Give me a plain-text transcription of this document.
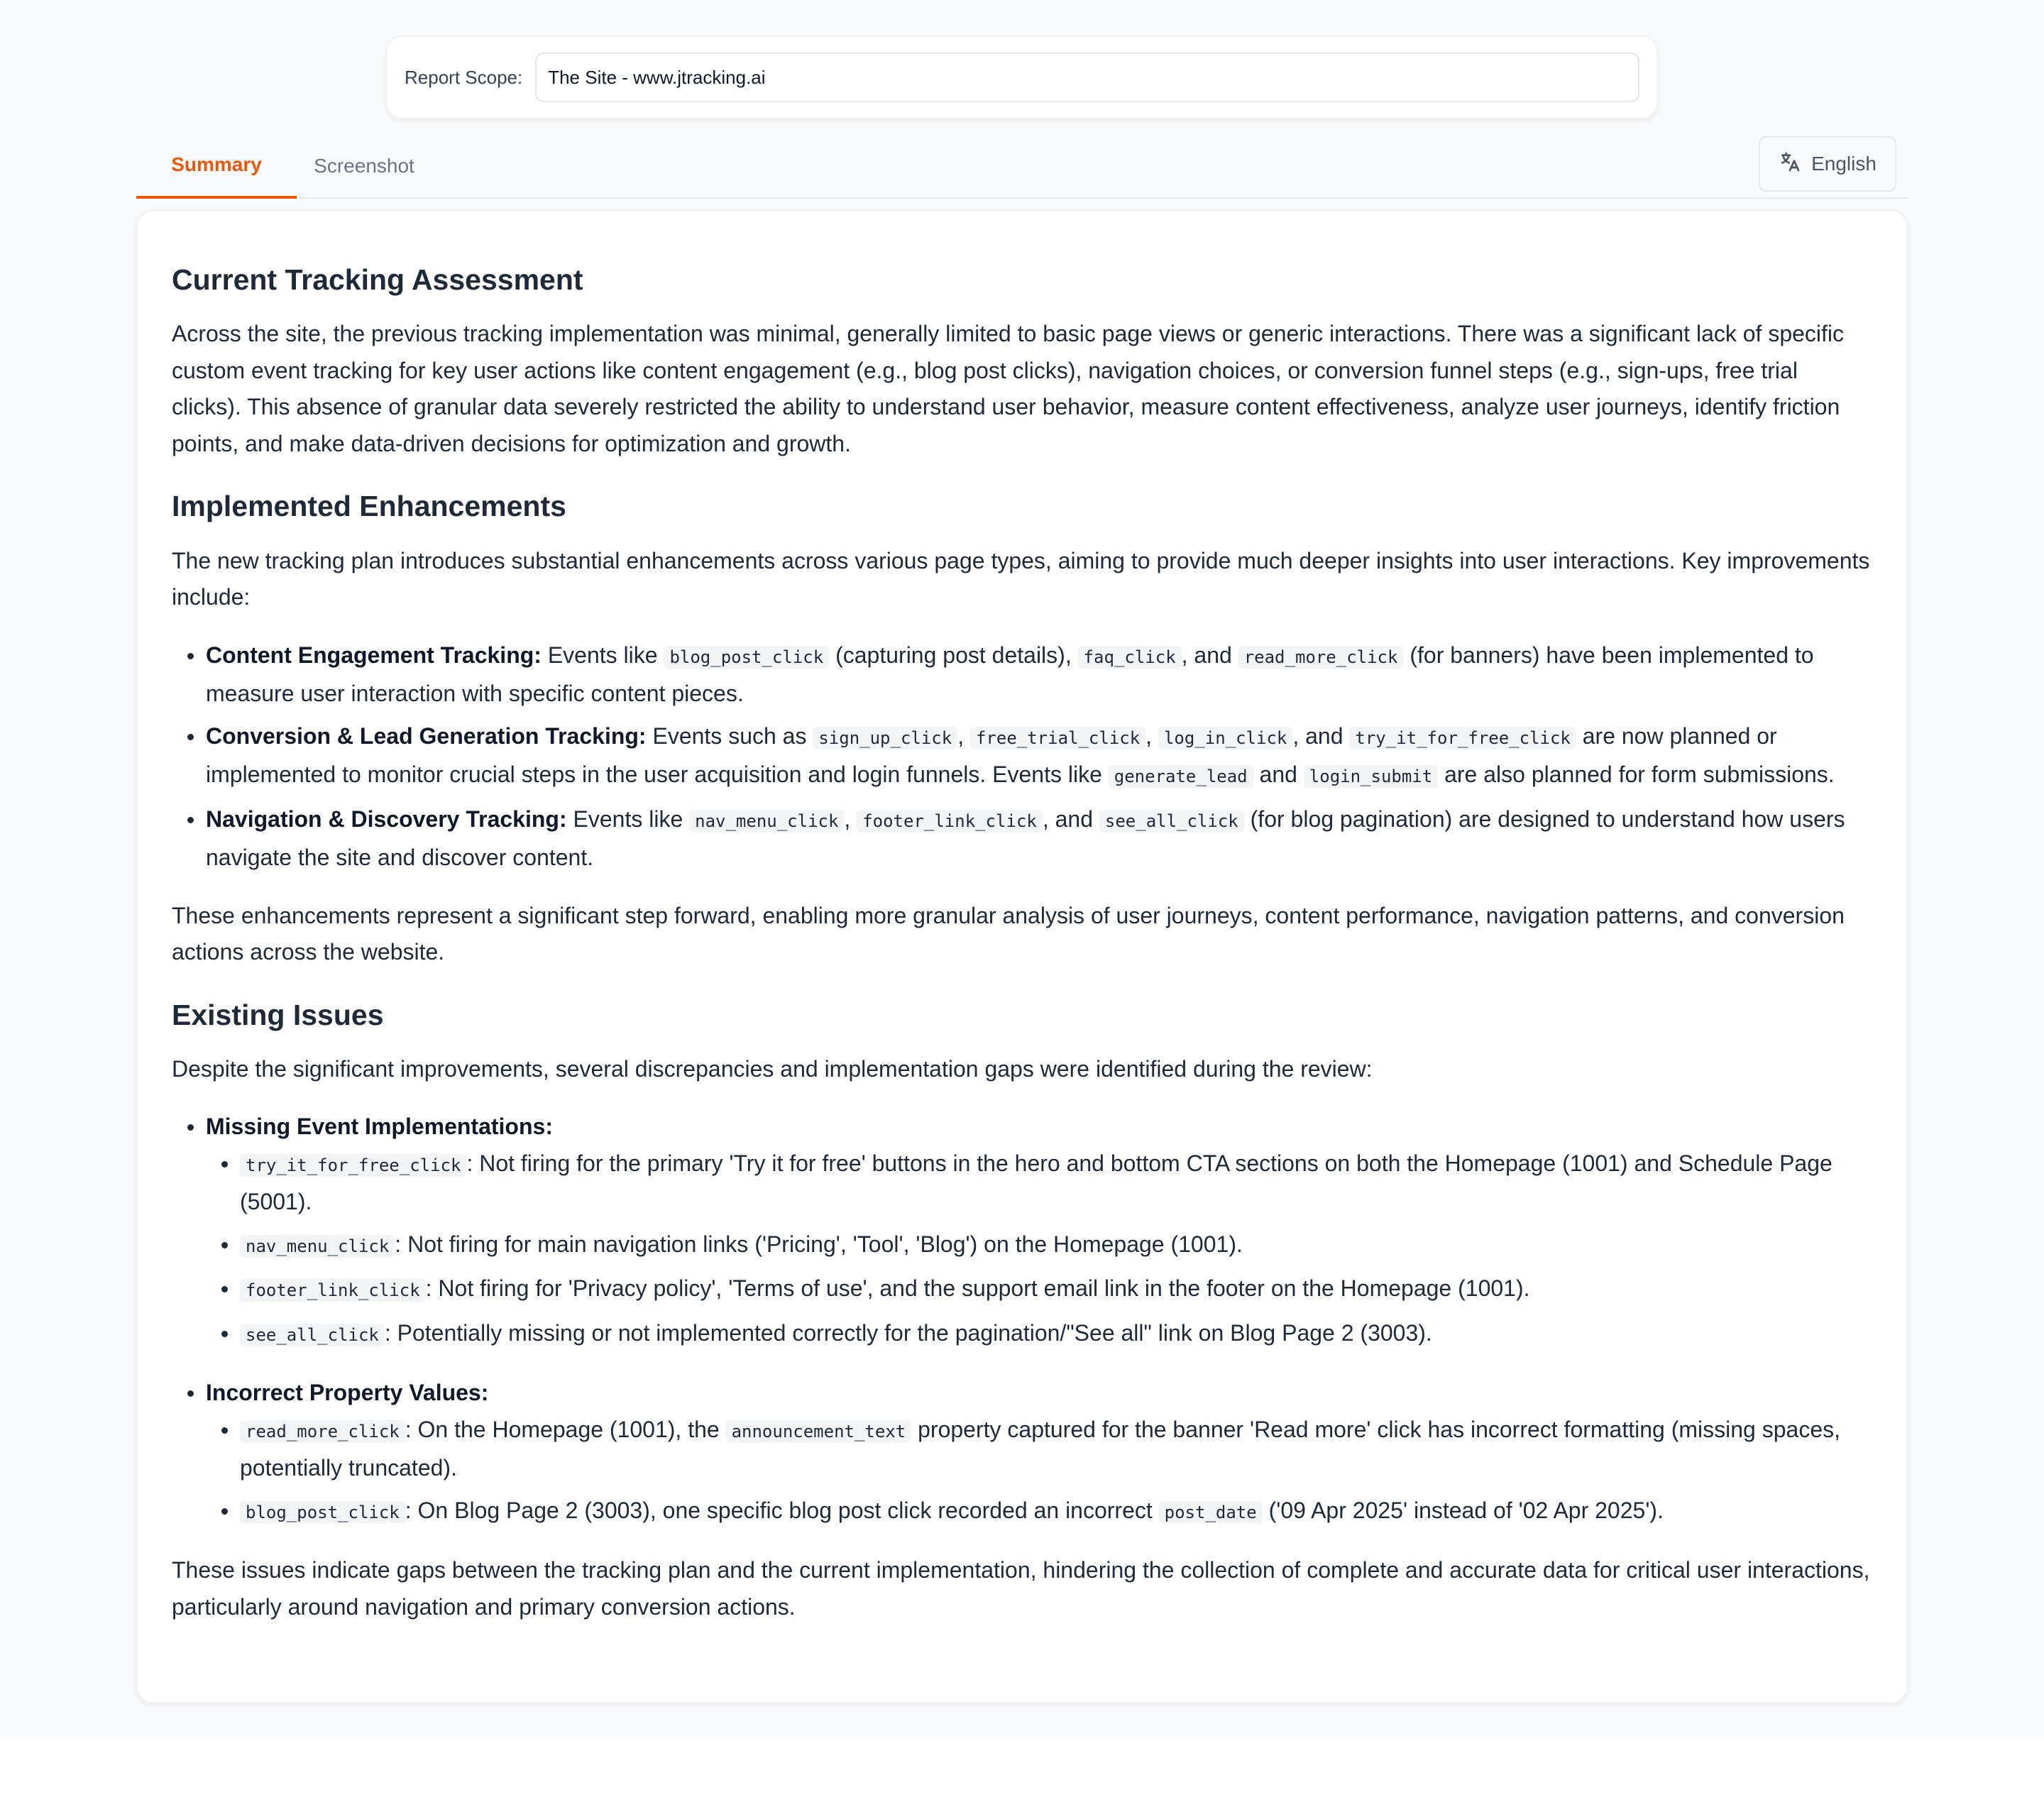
Report Scope:	The Site - www.jtracking.ai
Summary	Screenshot	English
Current Tracking Assessment

Across the site, the previous tracking implementation was minimal, generally limited to basic page views or generic interactions. There was a significant lack of specific custom event tracking for key user actions like content engagement (e.g., blog post clicks), navigation choices, or conversion funnel steps (e.g., sign-ups, free trial clicks). This absence of granular data severely restricted the ability to understand user behavior, measure content effectiveness, analyze user journeys, identify friction points, and make data-driven decisions for optimization and growth.

Implemented Enhancements

The new tracking plan introduces substantial enhancements across various page types, aiming to provide much deeper insights into user interactions. Key improvements include:

Content Engagement Tracking: Events like blog_post_click (capturing post details), faq_click , and read_more_click (for banners) have been implemented to measure user interaction with specific content pieces.
Conversion & Lead Generation Tracking: Events such as sign_up_click , free_trial_click , log_in_click , and try_it_for_free_click are now planned or implemented to monitor crucial steps in the user acquisition and login funnels. Events like generate_lead and login_submit are also planned for form submissions.
Navigation & Discovery Tracking: Events like nav_menu_click , footer_link_click , and see_all_click (for blog pagination) are designed to understand how users navigate the site and discover content.

These enhancements represent a significant step forward, enabling more granular analysis of user journeys, content performance, navigation patterns, and conversion actions across the website.

Existing Issues

Despite the significant improvements, several discrepancies and implementation gaps were identified during the review:

Missing Event Implementations:
try_it_for_free_click : Not firing for the primary 'Try it for free' buttons in the hero and bottom CTA sections on both the Homepage (1001) and Schedule Page (5001).
nav_menu_click : Not firing for main navigation links ('Pricing', 'Tool', 'Blog') on the Homepage (1001).
footer_link_click : Not firing for 'Privacy policy', 'Terms of use', and the support email link in the footer on the Homepage (1001).
see_all_click : Potentially missing or not implemented correctly for the pagination/"See all" link on Blog Page 2 (3003).
Incorrect Property Values:
read_more_click : On the Homepage (1001), the announcement_text property captured for the banner 'Read more' click has incorrect formatting (missing spaces, potentially truncated).
blog_post_click : On Blog Page 2 (3003), one specific blog post click recorded an incorrect post_date ('09 Apr 2025' instead of '02 Apr 2025').

These issues indicate gaps between the tracking plan and the current implementation, hindering the collection of complete and accurate data for critical user interactions, particularly around navigation and primary conversion actions.
